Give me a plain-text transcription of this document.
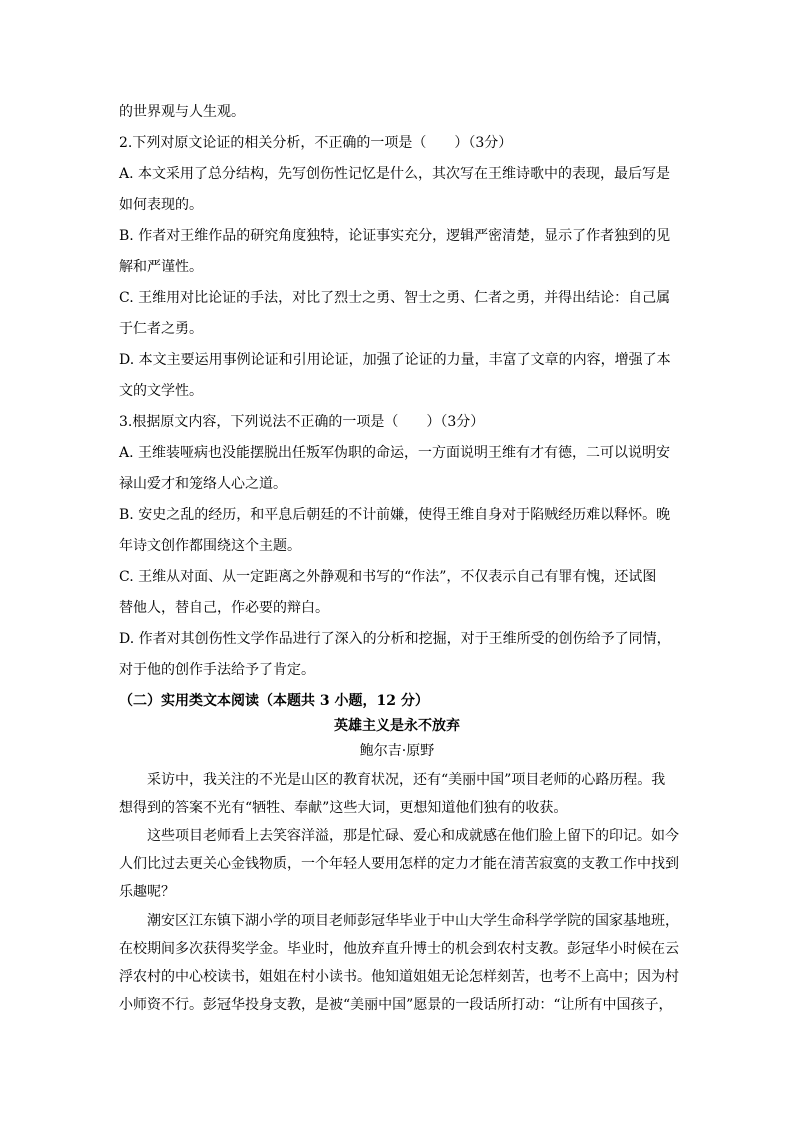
的世界观与人生观。
2.下列对原文论证的相关分析，不正确的一项是（　　）（3分）
A. 本文采用了总分结构，先写创伤性记忆是什么，其次写在王维诗歌中的表现，最后写是
如何表现的。
B. 作者对王维作品的研究角度独特，论证事实充分，逻辑严密清楚，显示了作者独到的见
解和严谨性。
C. 王维用对比论证的手法，对比了烈士之勇、智士之勇、仁者之勇，并得出结论：自己属
于仁者之勇。
D. 本文主要运用事例论证和引用论证，加强了论证的力量，丰富了文章的内容，增强了本
文的文学性。
3.根据原文内容，下列说法不正确的一项是（　　）（3分）
A. 王维装哑病也没能摆脱出任叛军伪职的命运，一方面说明王维有才有德，二可以说明安
禄山爱才和笼络人心之道。
B. 安史之乱的经历，和平息后朝廷的不计前嫌，使得王维自身对于陷贼经历难以释怀。晚
年诗文创作都围绕这个主题。
C. 王维从对面、从一定距离之外静观和书写的“作法”，不仅表示自己有罪有愧，还试图
替他人，替自己，作必要的辩白。
D. 作者对其创伤性文学作品进行了深入的分析和挖掘，对于王维所受的创伤给予了同情，
对于他的创作手法给予了肯定。
（二）实用类文本阅读（本题共 3 小题，12 分）
英雄主义是永不放弃
鲍尔吉·原野
采访中，我关注的不光是山区的教育状况，还有“美丽中国”项目老师的心路历程。我
想得到的答案不光有“牺牲、奉献”这些大词，更想知道他们独有的收获。
这些项目老师看上去笑容洋溢，那是忙碌、爱心和成就感在他们脸上留下的印记。如今
人们比过去更关心金钱物质，一个年轻人要用怎样的定力才能在清苦寂寞的支教工作中找到
乐趣呢？
潮安区江东镇下湖小学的项目老师彭冠华毕业于中山大学生命科学学院的国家基地班，
在校期间多次获得奖学金。毕业时，他放弃直升博士的机会到农村支教。彭冠华小时候在云
浮农村的中心校读书，姐姐在村小读书。他知道姐姐无论怎样刻苦，也考不上高中；因为村
小师资不行。彭冠华投身支教，是被“美丽中国”愿景的一段话所打动：“让所有中国孩子，
